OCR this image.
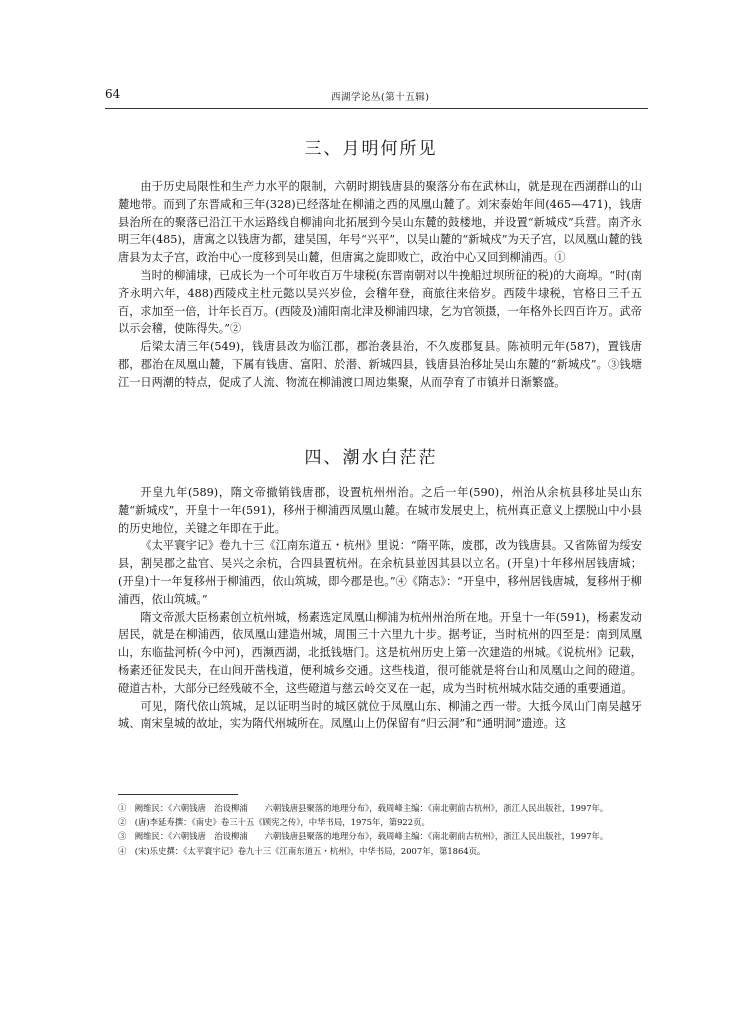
64	西湖学论丛(第十五辑)
三、月明何所见

由于历史局限性和生产力水平的限制，六朝时期钱唐县的聚落分布在武林山，就是现在西湖群山的山麓地带。而到了东晋咸和三年(328)已经落址在柳浦之西的凤凰山麓了。刘宋泰始年间(465—471)，钱唐县治所在的聚落已沿江干水运路线自柳浦向北拓展到今吴山东麓的鼓楼地，并设置“新城戍”兵营。南齐永明三年(485)，唐寓之以钱唐为都，建吴国，年号“兴平”，以吴山麓的“新城戍”为天子宫，以凤凰山麓的钱唐县为太子宫，政治中心一度移到吴山麓，但唐寓之旋即败亡，政治中心又回到柳浦西。①

当时的柳浦埭，已成长为一个可年收百万牛埭税(东晋南朝对以牛挽船过坝所征的税)的大商埠。“时(南齐永明六年，488)西陵戍主杜元懿以吴兴岁俭，会稽年登，商旅往来倍岁。西陵牛埭税，官格日三千五百，求加至一倍，计年长百万。(西陵及)浦阳南北津及柳浦四埭，乞为官领摄，一年格外长四百许万。武帝以示会稽，使陈得失。”②

后梁太清三年(549)，钱唐县改为临江郡，郡治袭县治，不久废郡复县。陈祯明元年(587)，置钱唐郡，郡治在凤凰山麓，下属有钱唐、富阳、於潜、新城四县，钱唐县治移址吴山东麓的“新城戍”。③钱塘江一日两潮的特点，促成了人流、物流在柳浦渡口周边集聚，从而孕育了市镇并日渐繁盛。

四、潮水白茫茫

开皇九年(589)，隋文帝撤销钱唐郡，设置杭州州治。之后一年(590)，州治从余杭县移址吴山东麓“新城戍”，开皇十一年(591)，移州于柳浦西凤凰山麓。在城市发展史上，杭州真正意义上摆脱山中小县的历史地位，关键之年即在于此。

《太平寰宇记》卷九十三《江南东道五・杭州》里说：“隋平陈，废郡，改为钱唐县。又省陈留为绥安县，割吴郡之盐官、吴兴之余杭，合四县置杭州。在余杭县並因其县以立名。(开皇)十年移州居钱唐城；(开皇)十一年复移州于柳浦西，依山筑城，即今郡是也。”④《隋志》：“开皇中，移州居钱唐城，复移州于柳浦西，依山筑城。”

隋文帝派大臣杨素创立杭州城，杨素选定凤凰山柳浦为杭州州治所在地。开皇十一年(591)，杨素发动居民，就是在柳浦西，依凤凰山建造州城，周围三十六里九十步。据考证，当时杭州的四至是：南到凤凰山，东临盐河桥(今中河)，西濒西湖，北抵钱塘门。这是杭州历史上第一次建造的州城。《说杭州》记载，杨素还征发民夫，在山间开凿栈道，便利城乡交通。这些栈道，很可能就是将台山和凤凰山之间的磴道。磴道古朴，大部分已经残破不全，这些磴道与慈云岭交叉在一起，成为当时杭州城水陆交通的重要通道。

可见，隋代依山筑城，足以证明当时的城区就位于凤凰山东、柳浦之西一带。大抵今凤山门南吴越牙城、南宋皇城的故址，实为隋代州城所在。凤凰山上仍保留有“归云洞”和“通明洞”遗迹。这

①　阙维民：《六朝钱唐　治设柳浦　　六朝钱唐县聚落的地理分布》，载周峰主编：《南北朝前古杭州》，浙江人民出版社，1997年。

②　(唐)李延寿撰：《南史》卷三十五《顾宪之传》，中华书局，1975年，第922页。

③　阙维民：《六朝钱唐　治设柳浦　　六朝钱唐县聚落的地理分布》，载周峰主编：《南北朝前古杭州》，浙江人民出版社，1997年。

④　(宋)乐史撰：《太平寰宇记》卷九十三《江南东道五・杭州》，中华书局，2007年，第1864页。
